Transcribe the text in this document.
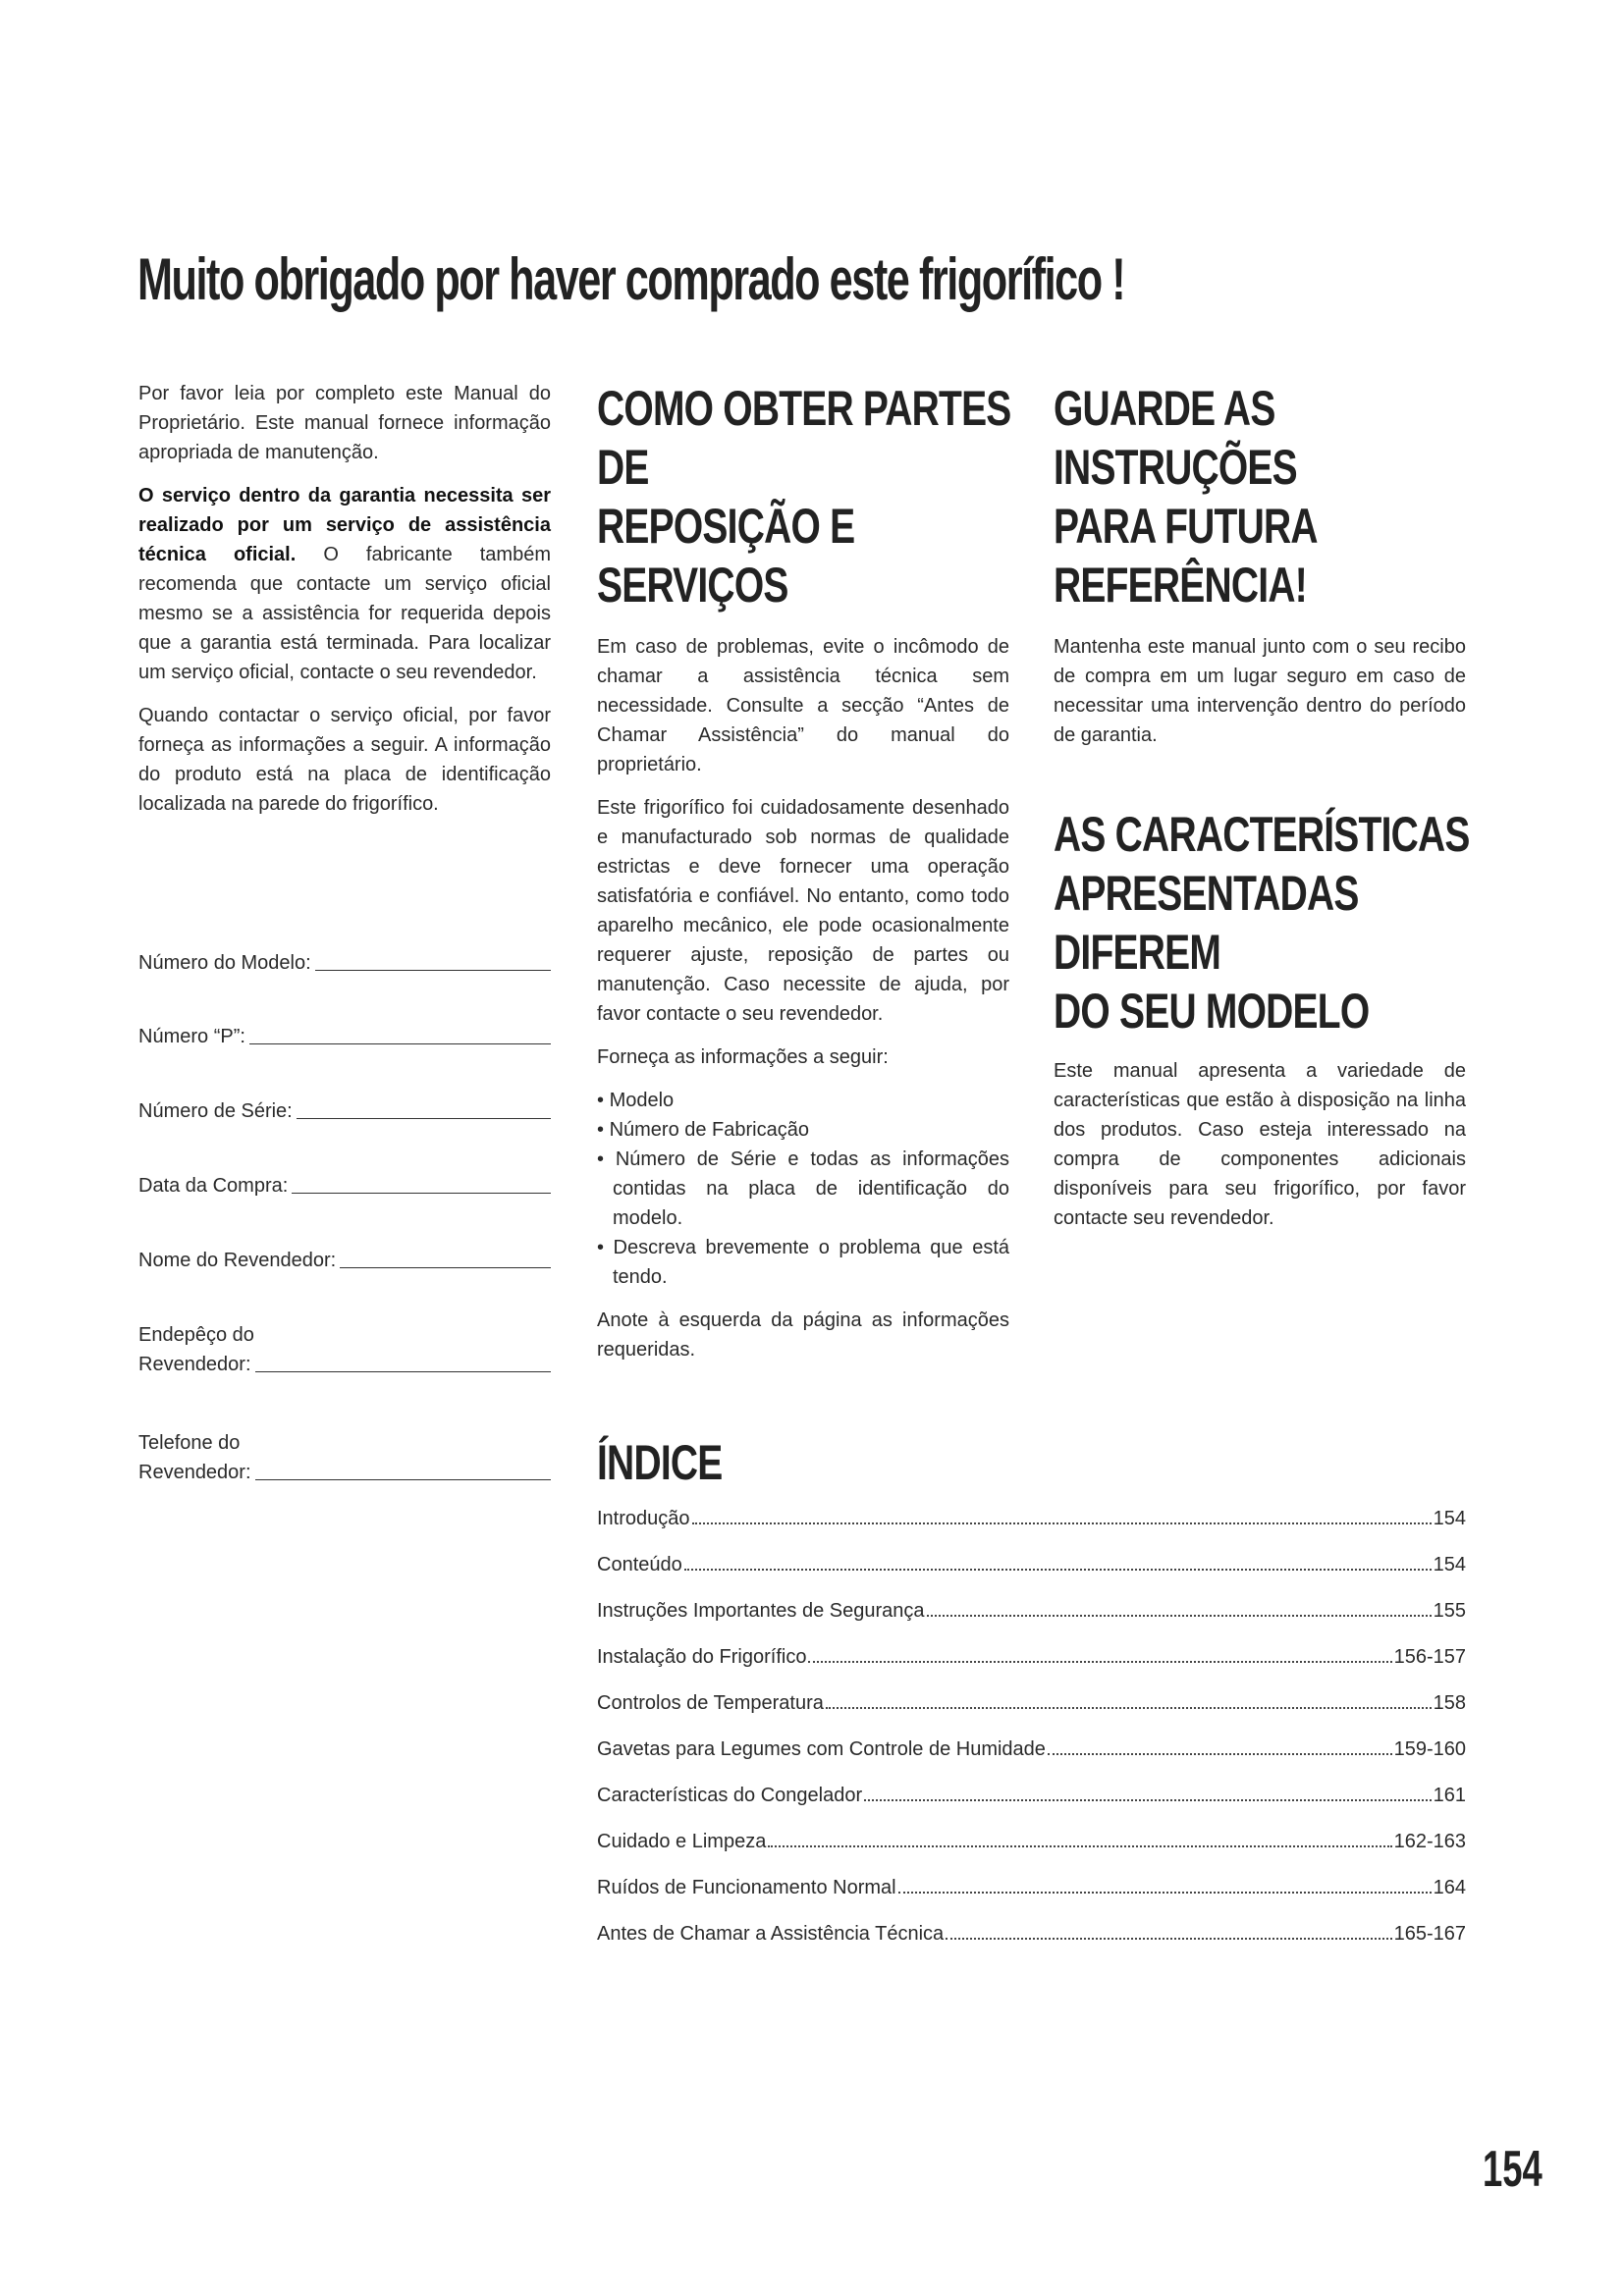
Muito obrigado por haver comprado este frigorífico !

Por favor leia por completo este Manual do Proprietário. Este manual fornece informação apropriada de manutenção.

O serviço dentro da garantia necessita ser realizado por um serviço de assistência técnica oficial. O fabricante também recomenda que contacte um serviço oficial mesmo se a assistência for requerida depois que a garantia está terminada. Para localizar um serviço oficial, contacte o seu revendedor.

Quando contactar o serviço oficial, por favor forneça as informações a seguir. A informação do produto está na placa de identificação localizada na parede do frigorífico.

Número do Modelo:
Número “P”:
Número de Série:
Data da Compra:
Nome do Revendedor:
Endерêço do
Revendedor:
Telefone do
Revendedor:
COMO OBTER PARTES DE
REPOSIÇÃO E SERVIÇOS

Em caso de problemas, evite o incômodo de chamar a assistência técnica sem necessidade. Consulte a secção “Antes de Chamar Assistência” do manual do proprietário.

Este frigorífico foi cuidadosamente desenhado e manufacturado sob normas de qualidade estrictas e deve fornecer uma operação satisfatória e confiável. No entanto, como todo aparelho mecânico, ele pode ocasionalmente requerer ajuste, reposição de partes ou manutenção. Caso necessite de ajuda, por favor contacte o seu revendedor.

Forneça as informações a seguir:

• Modelo
• Número de Fabricação
• Número de Série e todas as informações contidas na placa de identificação do modelo.
• Descreva brevemente o problema que está tendo.

Anote à esquerda da página as informações requeridas.

GUARDE AS INSTRUÇÕES
PARA FUTURA REFERÊNCIA!

Mantenha este manual junto com o seu recibo de compra em um lugar seguro em caso de necessitar uma intervenção dentro do período de garantia.

AS CARACTERÍSTICAS
APRESENTADAS DIFEREM
DO SEU MODELO

Este manual apresenta a variedade de características que estão à disposição na linha dos produtos. Caso esteja interessado na compra de componentes adicionais disponíveis para seu frigorífico, por favor contacte seu revendedor.

ÍNDICE
Introdução	154
Conteúdo	154
Instruções Importantes de Segurança	155
Instalação do Frigorífico	156-157
Controlos de Temperatura	158
Gavetas para Legumes com Controle de Humidade	159-160
Características do Congelador	161
Cuidado e Limpeza	162-163
Ruídos de Funcionamento Normal	164
Antes de Chamar a Assistência Técnica	165-167

154
